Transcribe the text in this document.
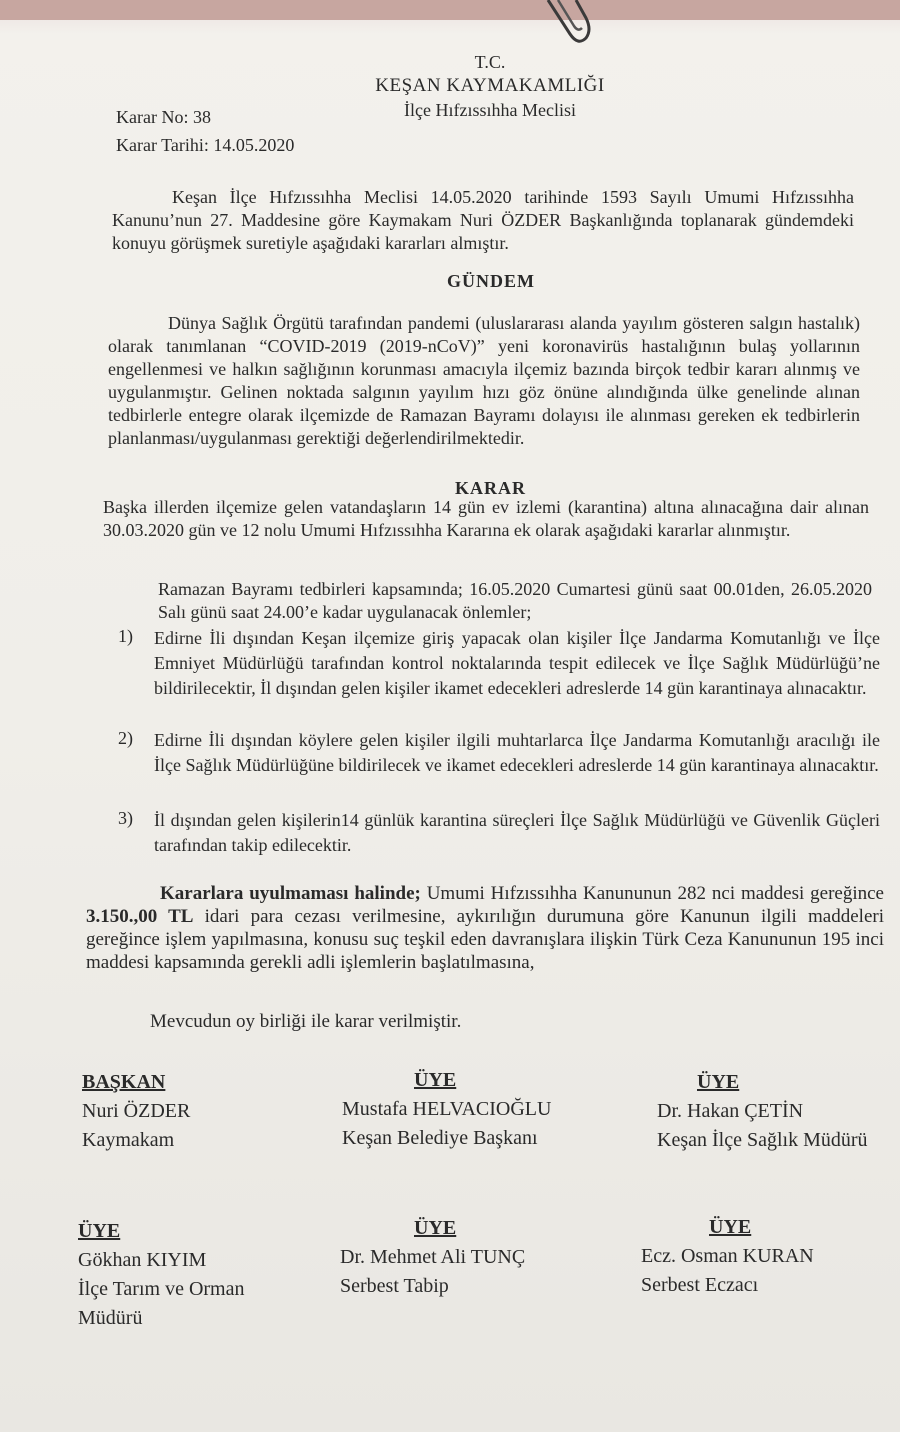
T.C.
KEŞAN KAYMAKAMLIĞI
İlçe Hıfzıssıhha Meclisi
Karar No: 38
Karar Tarihi: 14.05.2020

Keşan İlçe Hıfzıssıhha Meclisi 14.05.2020 tarihinde 1593 Sayılı Umumi Hıfzıssıhha Kanunu’nun 27. Maddesine göre Kaymakam Nuri ÖZDER Başkanlığında toplanarak gündemdeki konuyu görüşmek suretiyle aşağıdaki kararları almıştır.

GÜNDEM

Dünya Sağlık Örgütü tarafından pandemi (uluslararası alanda yayılım gösteren salgın hastalık) olarak tanımlanan “COVID-2019 (2019-nCoV)” yeni koronavirüs hastalığının bulaş yollarının engellenmesi ve halkın sağlığının korunması amacıyla ilçemiz bazında birçok tedbir kararı alınmış ve uygulanmıştır. Gelinen noktada salgının yayılım hızı göz önüne alındığında ülke genelinde alınan tedbirlerle entegre olarak ilçemizde de Ramazan Bayramı dolayısı ile alınması gereken ek tedbirlerin planlanması/uygulanması gerektiği değerlendirilmektedir.

KARAR

Başka illerden ilçemize gelen vatandaşların 14 gün ev izlemi (karantina) altına alınacağına dair alınan 30.03.2020 gün ve 12 nolu Umumi Hıfzıssıhha Kararına ek olarak aşağıdaki kararlar alınmıştır.

Ramazan Bayramı tedbirleri kapsamında; 16.05.2020 Cumartesi günü saat 00.01den, 26.05.2020 Salı günü saat 24.00’e kadar uygulanacak önlemler;

1) Edirne İli dışından Keşan ilçemize giriş yapacak olan kişiler İlçe Jandarma Komutanlığı ve İlçe Emniyet Müdürlüğü tarafından kontrol noktalarında tespit edilecek ve İlçe Sağlık Müdürlüğü’ne bildirilecektir, İl dışından gelen kişiler ikamet edecekleri adreslerde 14 gün karantinaya alınacaktır.

2) Edirne İli dışından köylere gelen kişiler ilgili muhtarlarca İlçe Jandarma Komutanlığı aracılığı ile İlçe Sağlık Müdürlüğüne bildirilecek ve ikamet edecekleri adreslerde 14 gün karantinaya alınacaktır.

3) İl dışından gelen kişilerin14 günlük karantina süreçleri İlçe Sağlık Müdürlüğü ve Güvenlik Güçleri tarafından takip edilecektir.

Kararlara uyulmaması halinde; Umumi Hıfzıssıhha Kanununun 282 nci maddesi gereğince 3.150.,00 TL idari para cezası verilmesine, aykırılığın durumuna göre Kanunun ilgili maddeleri gereğince işlem yapılmasına, konusu suç teşkil eden davranışlara ilişkin Türk Ceza Kanununun 195 inci maddesi kapsamında gerekli adli işlemlerin başlatılmasına,

Mevcudun oy birliği ile karar verilmiştir.
BAŞKAN
Nuri ÖZDER
Kaymakam
ÜYE
Mustafa HELVACIOĞLU
Keşan Belediye Başkanı
ÜYE
Dr. Hakan ÇETİN
Keşan İlçe Sağlık Müdürü
ÜYE
Gökhan KIYIM
İlçe Tarım ve Orman
Müdürü
ÜYE
Dr. Mehmet Ali TUNÇ
Serbest Tabip
ÜYE
Ecz. Osman KURAN
Serbest Eczacı
